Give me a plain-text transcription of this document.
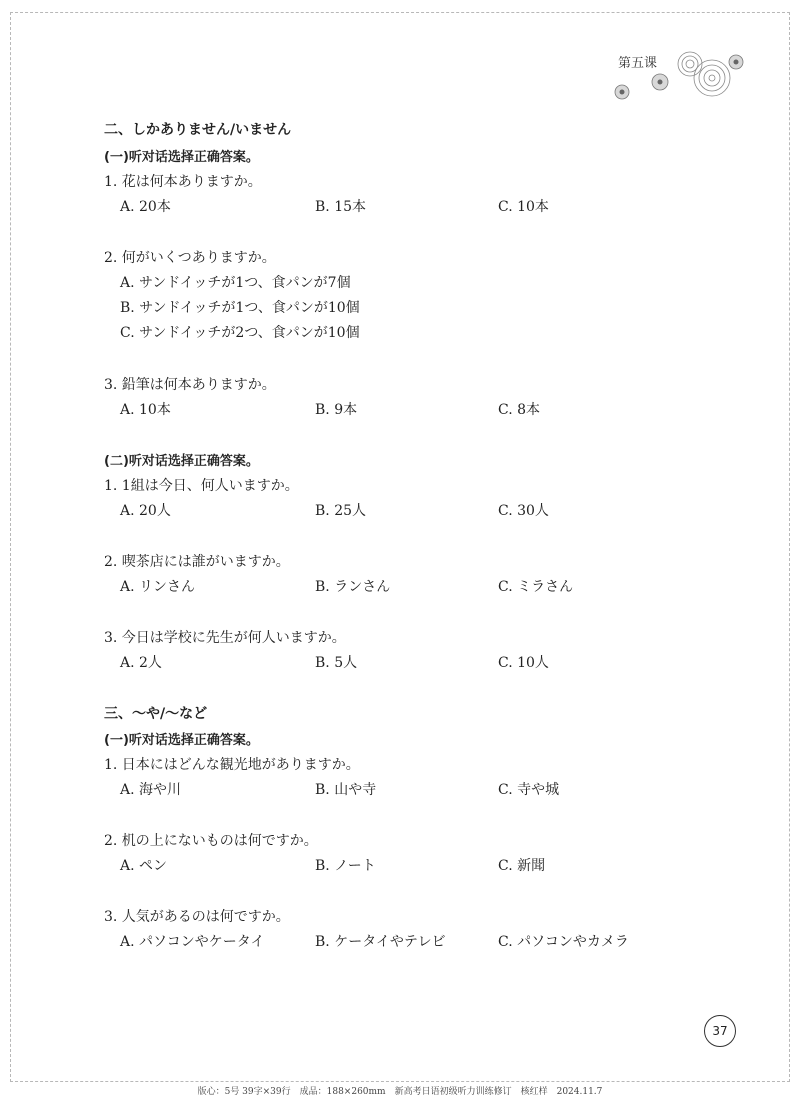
第五课
二、しかありません/いません
(一)听对话选择正确答案。
1. 花は何本ありますか。
A. 20本	B. 15本	C. 10本
2. 何がいくつありますか。
A. サンドイッチが1つ、食パンが7個
B. サンドイッチが1つ、食パンが10個
C. サンドイッチが2つ、食パンが10個
3. 鉛筆は何本ありますか。
A. 10本	B. 9本	C. 8本
(二)听对话选择正确答案。
1. 1組は今日、何人いますか。
A. 20人	B. 25人	C. 30人
2. 喫茶店には誰がいますか。
A. リンさん	B. ランさん	C. ミラさん
3. 今日は学校に先生が何人いますか。
A. 2人	B. 5人	C. 10人
三、～や/～など
(一)听对话选择正确答案。
1. 日本にはどんな観光地がありますか。
A. 海や川	B. 山や寺	C. 寺や城
2. 机の上にないものは何ですか。
A. ペン	B. ノート	C. 新聞
3. 人気があるのは何ですか。
A. パソコンやケータイ	B. ケータイやテレビ	C. パソコンやカメラ
37
版心：5号 39字×39行　成品：188×260mm　新高考日语初级听力训练修订　核红样　2024.11.7
